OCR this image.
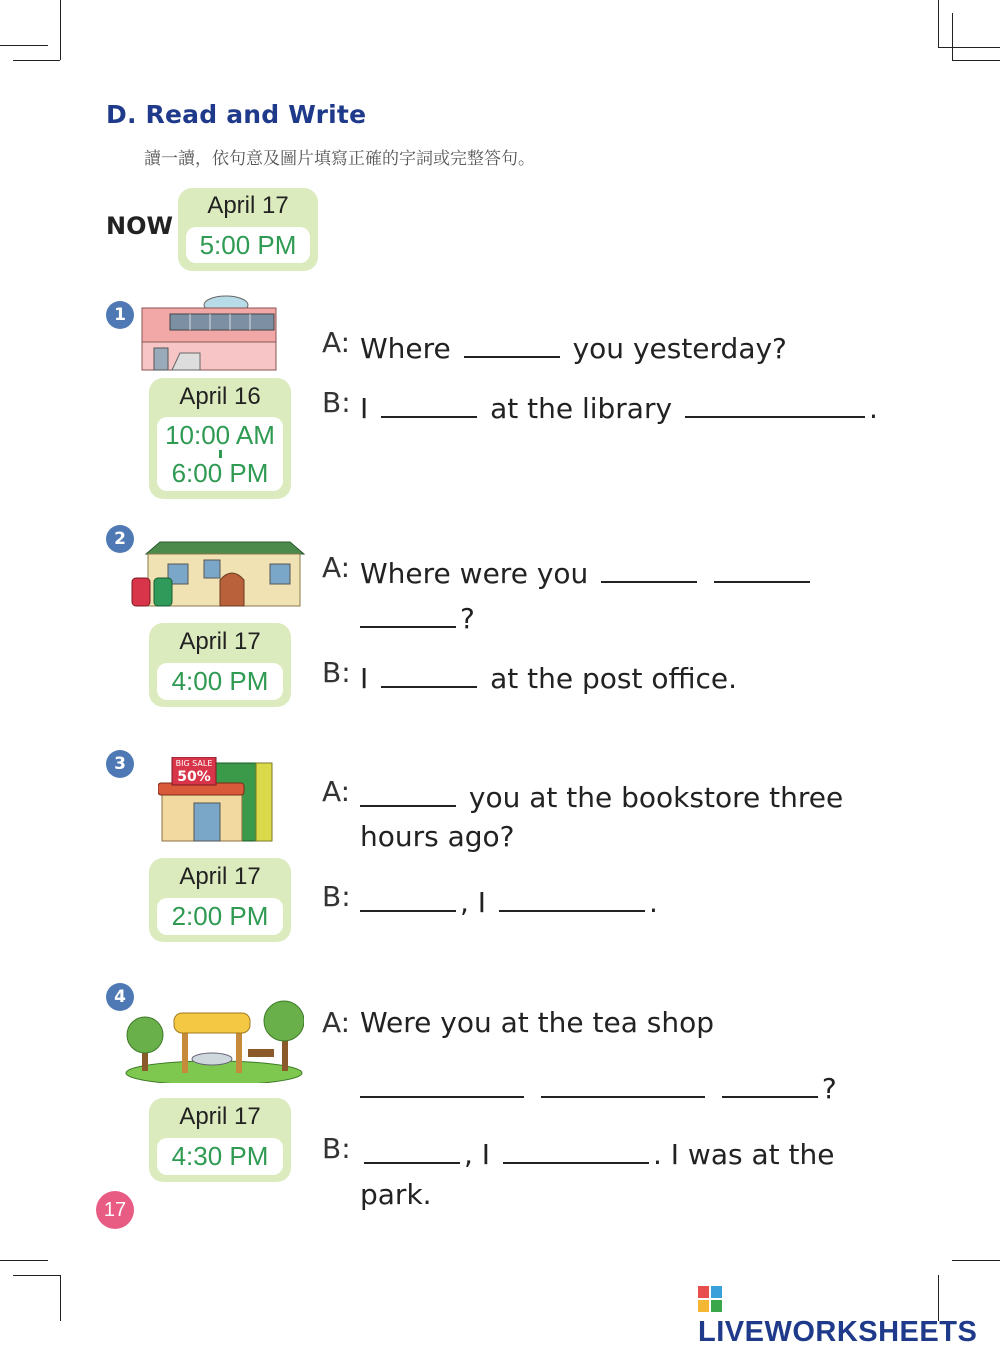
D. Read and Write
讀一讀，依句意及圖片填寫正確的字詞或完整答句。
NOW
April 17
5:00 PM
1
April 16
10:00 AM
6:00 PM
A: Where	you yesterday?
B: I	at the library	.
2
April 17
4:00 PM
A: Where were you
?
B: I	at the post office.
3	BIG SALE
50%
April 17
2:00 PM
A:	you at the bookstore three
hours ago?
B:	, I	.
4
April 17
4:30 PM
A: Were you at the tea shop
?
B:	, I	. I was at the
park.
17
LIVEWORKSHEETS
